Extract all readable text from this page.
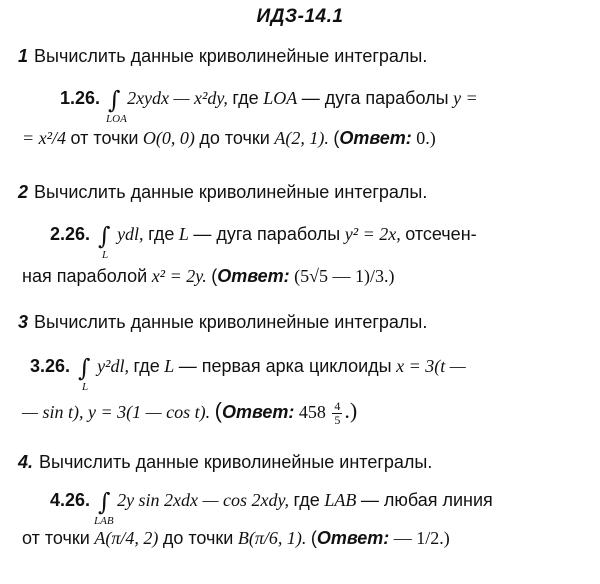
ИДЗ-14.1
1 Вычислить данные криволинейные интегралы.
1.26. ∫
LOA
2xydx — x²dy, где LOA — дуга параболы y =
= x²/4 от точки O(0, 0) до точки A(2, 1). (Ответ: 0.)
2 Вычислить данные криволинейные интегралы.
2.26. ∫
L
ydl, где L — дуга параболы y² = 2x, отсечен-
ная параболой x² = 2y. (Ответ: (5√5 — 1)/3.)
3 Вычислить данные криволинейные интегралы.
3.26. ∫
L
y²dl, где L — первая арка циклоиды x = 3(t —
— sin t), y = 3(1 — cos t). (Ответ: $458 \frac{4}{5}$ .)
4. Вычислить данные криволинейные интегралы.
4.26. ∫
LAB
2y sin 2xdx — cos 2xdy, где LAB — любая линия
от точки A(π/4, 2) до точки B(π/6, 1). (Ответ: — 1/2.)
